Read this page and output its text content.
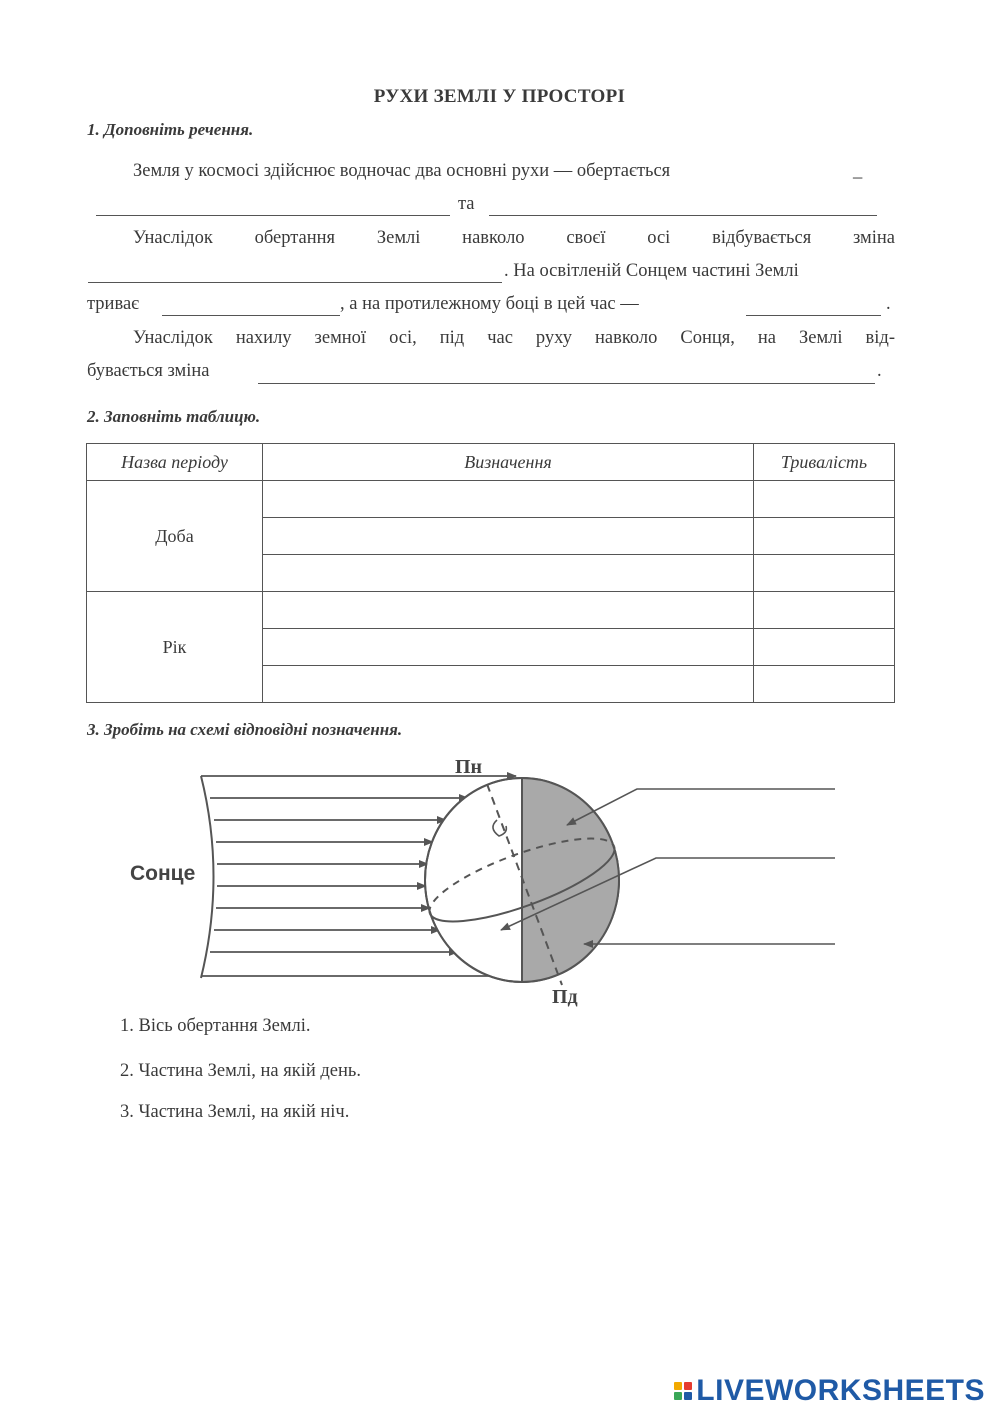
РУХИ ЗЕМЛІ У ПРОСТОРІ
1. Доповніть речення.
Земля у космосі здійснює водночас два основні рухи — обертається	_
та
Унаслідок обертання Землі навколо своєї осі відбувається зміна
. На освітленій Сонцем частині Землі
триває	, а на протилежному боці в цей час —	.
Унаслідок нахилу земної осі, під час руху навколо Сонця, на Землі від-
бувається зміна	.
2. Заповніть таблицю.
Назва періоду	Визначення	Тривалість
Доба		

Рік		

3. Зробіть на схемі відповідні позначення.
Сонце
Пн
Пд
1. Вісь обертання Землі.
2. Частина Землі, на якій день.
3. Частина Землі, на якій ніч.
LIVEWORKSHEETS
